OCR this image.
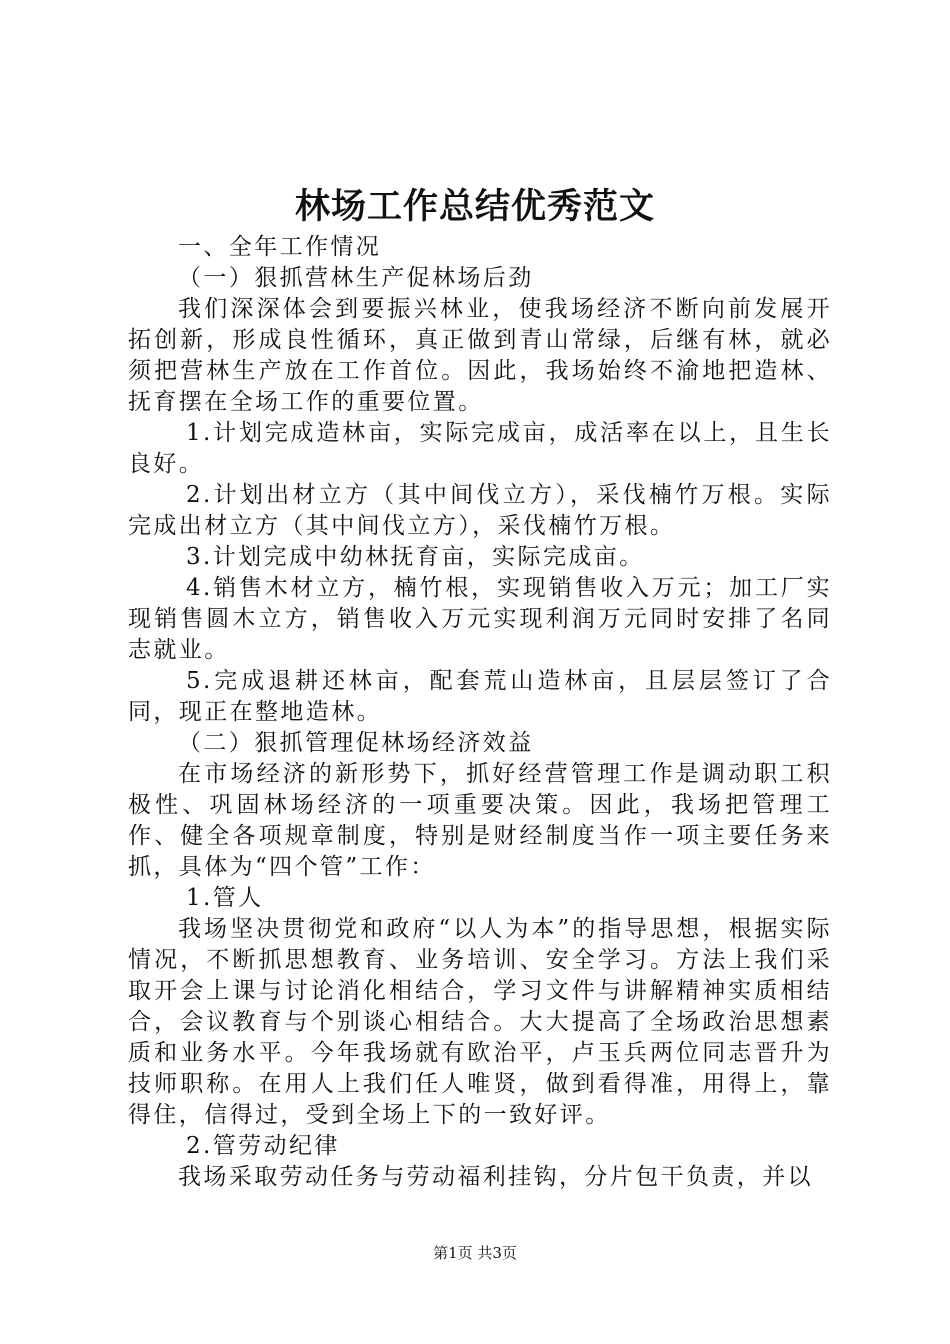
林场工作总结优秀范文

一、全年工作情况

（一）狠抓营林生产促林场后劲

我们深深体会到要振兴林业，使我场经济不断向前发展开拓创新，形成良性循环，真正做到青山常绿，后继有林，就必须把营林生产放在工作首位。因此，我场始终不渝地把造林、抚育摆在全场工作的重要位置。

1.计划完成造林亩，实际完成亩，成活率在以上，且生长良好。

2.计划出材立方（其中间伐立方），采伐楠竹万根。实际完成出材立方（其中间伐立方），采伐楠竹万根。

3.计划完成中幼林抚育亩，实际完成亩。

4.销售木材立方，楠竹根，实现销售收入万元；加工厂实现销售圆木立方，销售收入万元实现利润万元同时安排了名同志就业。

5.完成退耕还林亩，配套荒山造林亩，且层层签订了合同，现正在整地造林。

（二）狠抓管理促林场经济效益

在市场经济的新形势下，抓好经营管理工作是调动职工积极性、巩固林场经济的一项重要决策。因此，我场把管理工作、健全各项规章制度，特别是财经制度当作一项主要任务来抓，具体为“四个管”工作：

1.管人

我场坚决贯彻党和政府“以人为本”的指导思想，根据实际情况，不断抓思想教育、业务培训、安全学习。方法上我们采取开会上课与讨论消化相结合，学习文件与讲解精神实质相结合，会议教育与个别谈心相结合。大大提高了全场政治思想素质和业务水平。今年我场就有欧治平，卢玉兵两位同志晋升为技师职称。在用人上我们任人唯贤，做到看得准，用得上，靠得住，信得过，受到全场上下的一致好评。

2.管劳动纪律

我场采取劳动任务与劳动福利挂钩，分片包干负责，并以

第1页 共3页
